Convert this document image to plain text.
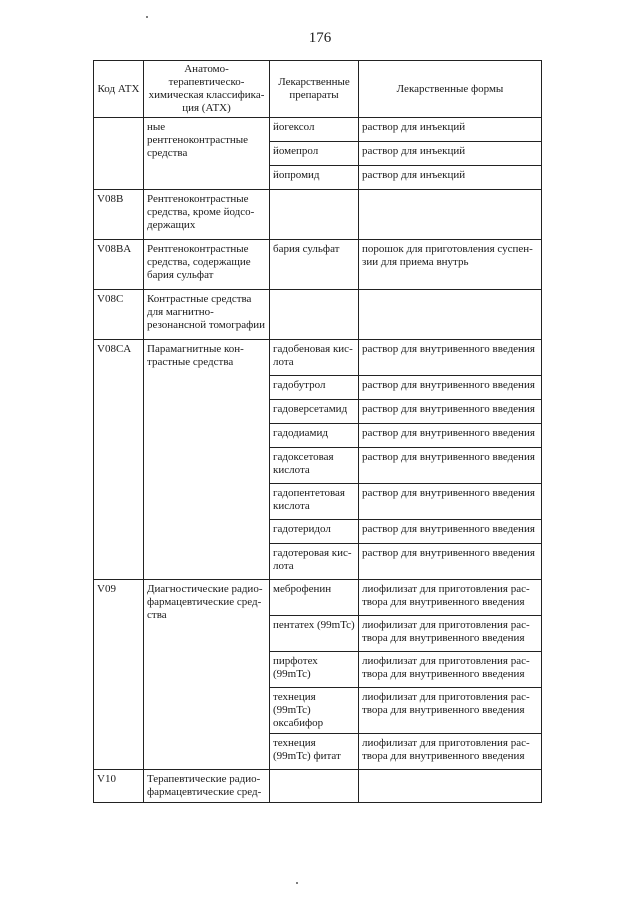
176
Код АТХ	Анатомо-терапевтическо-химическая классифика-ция (АТХ)	Лекарственные препараты	Лекарственные формы
	ные рентгеноконтрастные средства	йогексол	раствор для инъекций
		йомепрол	раствор для инъекций
		йопромид	раствор для инъекций
V08B	Рентгеноконтрастные средства, кроме йодсо-держащих		
V08BA	Рентгеноконтрастные средства, содержащие бария сульфат	бария сульфат	порошок для приготовления суспен-зии для приема внутрь
V08C	Контрастные средства для магнитно-резонансной томографии		
V08CA	Парамагнитные кон-трастные средства	гадобеновая кис-лота	раствор для внутривенного введения
		гадобутрол	раствор для внутривенного введения
		гадоверсетамид	раствор для внутривенного введения
		гадодиамид	раствор для внутривенного введения
		гадоксетовая кислота	раствор для внутривенного введения
		гадопентетовая кислота	раствор для внутривенного введения
		гадотеридол	раствор для внутривенного введения
		гадотеровая кис-лота	раствор для внутривенного введения
V09	Диагностические радио-фармацевтические сред-ства	меброфенин	лиофилизат для приготовления рас-твора для внутривенного введения
		пентатех (99mTc)	лиофилизат для приготовления рас-твора для внутривенного введения
		пирфотех (99mTc)	лиофилизат для приготовления рас-твора для внутривенного введения
		технеция (99mTc) оксабифор	лиофилизат для приготовления рас-твора для внутривенного введения
		технеция (99mTc) фитат	лиофилизат для приготовления рас-твора для внутривенного введения
V10	Терапевтические радио-фармацевтические сред-		
